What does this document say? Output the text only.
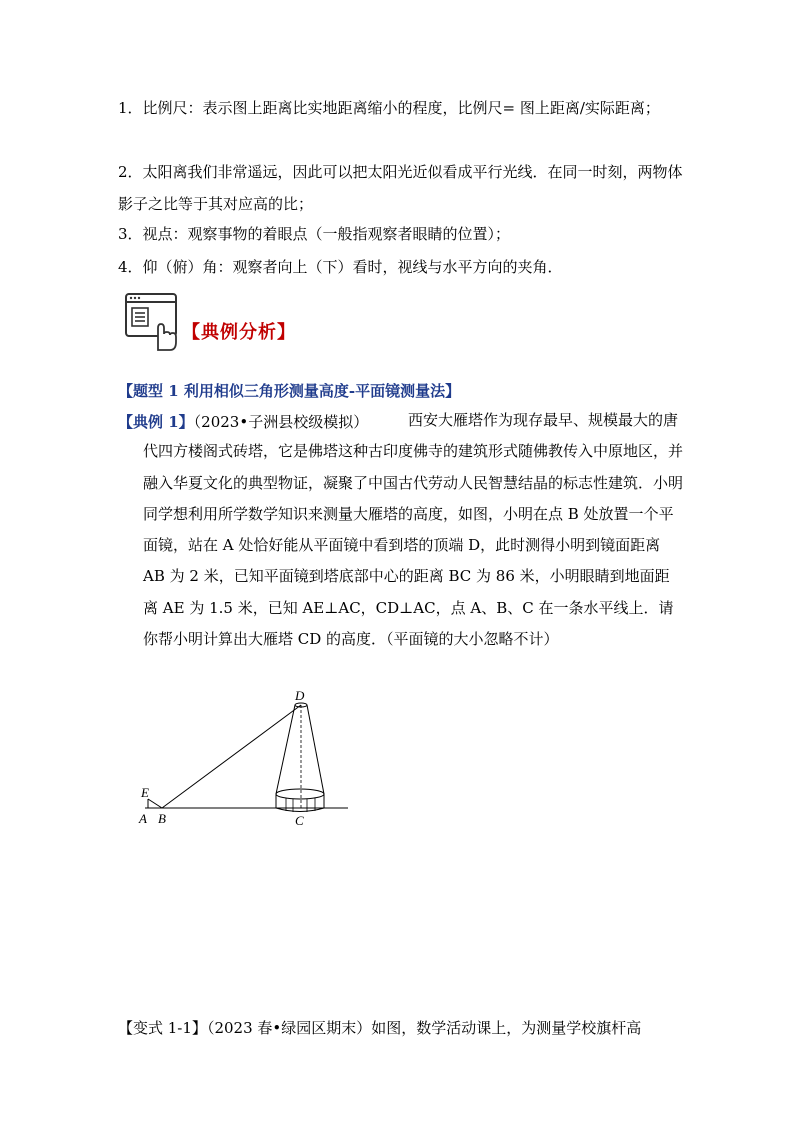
1．比例尺：表示图上距离比实地距离缩小的程度，比例尺= 图上距离/实际距离；
2．太阳离我们非常遥远，因此可以把太阳光近似看成平行光线．在同一时刻，两物体影子之比等于其对应高的比；
3．视点：观察事物的着眼点（一般指观察者眼睛的位置）；
4．仰（俯）角：观察者向上（下）看时，视线与水平方向的夹角．
【典例分析】
【题型 1 利用相似三角形测量高度-平面镜测量法】
【典例 1】（2023•子洲县校级模拟）	西安大雁塔作为现存最早、规模最大的唐代四方楼阁式砖塔，它是佛塔这种古印度佛寺的建筑形式随佛教传入中原地区，并融入华夏文化的典型物证，凝聚了中国古代劳动人民智慧结晶的标志性建筑．小明同学想利用所学数学知识来测量大雁塔的高度，如图，小明在点 B 处放置一个平面镜，站在 A 处恰好能从平面镜中看到塔的顶端 D，此时测得小明到镜面距离 AB 为 2 米，已知平面镜到塔底部中心的距离 BC 为 86 米，小明眼睛到地面距离 AE 为 1.5 米，已知 AE⊥AC，CD⊥AC，点 A、B、C 在一条水平线上．请你帮小明计算出大雁塔 CD 的高度．（平面镜的大小忽略不计）
D
E
A B	C
【变式 1-1】（2023 春•绿园区期末）如图，数学活动课上，为测量学校旗杆高
